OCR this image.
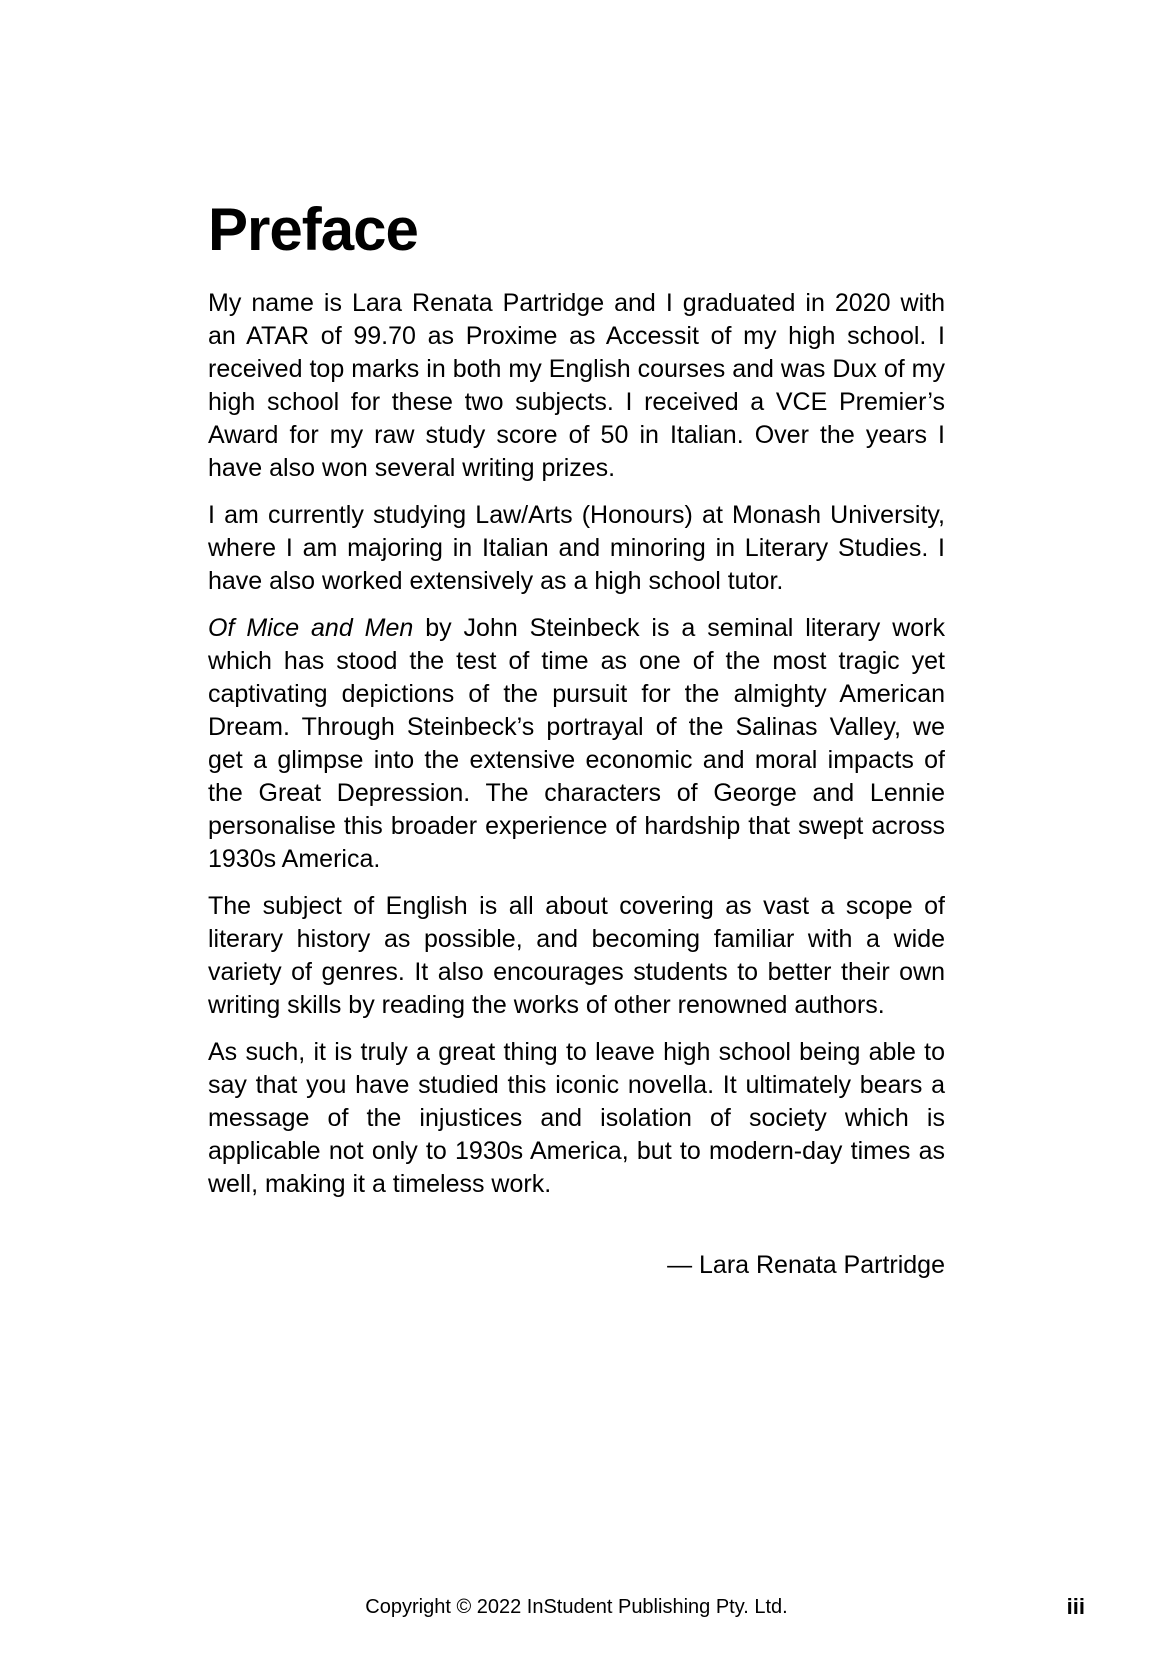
Preface

My name is Lara Renata Partridge and I graduated in 2020 with an ATAR of 99.70 as Proxime as Accessit of my high school. I received top marks in both my English courses and was Dux of my high school for these two subjects. I received a VCE Premier’s Award for my raw study score of 50 in Italian. Over the years I have also won several writing prizes.

I am currently studying Law/Arts (Honours) at Monash University, where I am majoring in Italian and minoring in Literary Studies. I have also worked extensively as a high school tutor.

Of Mice and Men by John Steinbeck is a seminal literary work which has stood the test of time as one of the most tragic yet captivating depictions of the pursuit for the almighty American Dream. Through Steinbeck’s portrayal of the Salinas Valley, we get a glimpse into the extensive economic and moral impacts of the Great Depression. The characters of George and Lennie personalise this broader experience of hardship that swept across 1930s America.

The subject of English is all about covering as vast a scope of literary history as possible, and becoming familiar with a wide variety of genres. It also encourages students to better their own writing skills by reading the works of other renowned authors.

As such, it is truly a great thing to leave high school being able to say that you have studied this iconic novella. It ultimately bears a message of the injustices and isolation of society which is applicable not only to 1930s America, but to modern-day times as well, making it a timeless work.

— Lara Renata Partridge
Copyright © 2022 InStudent Publishing Pty. Ltd.	iii
